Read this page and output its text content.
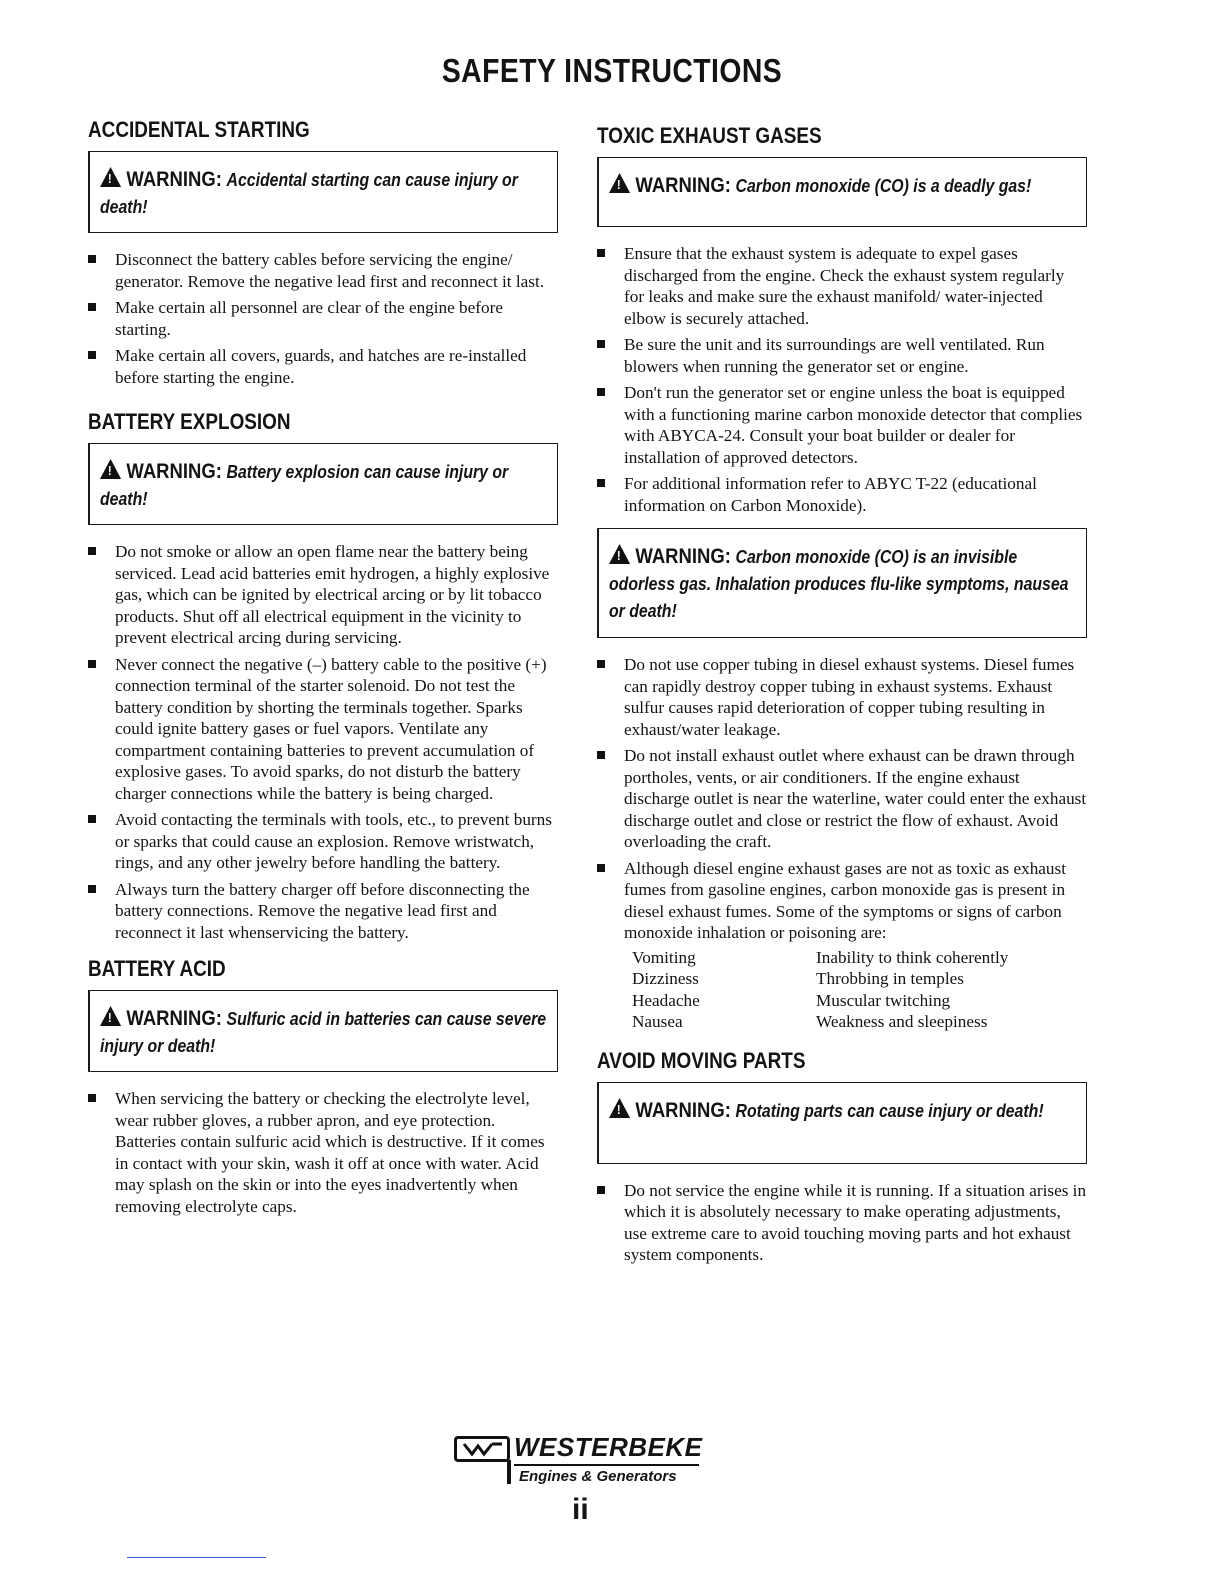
SAFETY INSTRUCTIONS
ACCIDENTAL STARTING
!WARNING: Accidental starting can cause injury or death!
Disconnect the battery cables before servicing the engine/ generator. Remove the negative lead first and reconnect it last.
Make certain all personnel are clear of the engine before starting.
Make certain all covers, guards, and hatches are re-installed before starting the engine.
BATTERY EXPLOSION
!WARNING: Battery explosion can cause injury or death!
Do not smoke or allow an open flame near the battery being serviced. Lead acid batteries emit hydrogen, a highly explosive gas, which can be ignited by electrical arcing or by lit tobacco products. Shut off all electrical equipment in the vicinity to prevent electrical arcing during servicing.
Never connect the negative (–) battery cable to the positive (+) connection terminal of the starter solenoid. Do not test the battery condition by shorting the terminals together. Sparks could ignite battery gases or fuel vapors. Ventilate any compartment containing batteries to prevent accumulation of explosive gases. To avoid sparks, do not disturb the battery charger connections while the battery is being charged.
Avoid contacting the terminals with tools, etc., to prevent burns or sparks that could cause an explosion. Remove wristwatch, rings, and any other jewelry before handling the battery.
Always turn the battery charger off before disconnecting the battery connections. Remove the negative lead first and reconnect it last whenservicing the battery.
BATTERY ACID
!WARNING: Sulfuric acid in batteries can cause severe injury or death!
When servicing the battery or checking the electrolyte level, wear rubber gloves, a rubber apron, and eye protection. Batteries contain sulfuric acid which is destructive. If it comes in contact with your skin, wash it off at once with water. Acid may splash on the skin or into the eyes inadvertently when removing electrolyte caps.
TOXIC EXHAUST GASES
!WARNING: Carbon monoxide (CO) is a deadly gas!
Ensure that the exhaust system is adequate to expel gases discharged from the engine. Check the exhaust system regularly for leaks and make sure the exhaust manifold/ water-injected elbow is securely attached.
Be sure the unit and its surroundings are well ventilated. Run blowers when running the generator set or engine.
Don't run the generator set or engine unless the boat is equipped with a functioning marine carbon monoxide detector that complies with ABYCA-24. Consult your boat builder or dealer for installation of approved detectors.
For additional information refer to ABYC T-22 (educational information on Carbon Monoxide).
!WARNING: Carbon monoxide (CO) is an invisible odorless gas. Inhalation produces flu-like symptoms, nausea or death!
Do not use copper tubing in diesel exhaust systems. Diesel fumes can rapidly destroy copper tubing in exhaust systems. Exhaust sulfur causes rapid deterioration of copper tubing resulting in exhaust/water leakage.
Do not install exhaust outlet where exhaust can be drawn through portholes, vents, or air conditioners. If the engine exhaust discharge outlet is near the waterline, water could enter the exhaust discharge outlet and close or restrict the flow of exhaust. Avoid overloading the craft.
Although diesel engine exhaust gases are not as toxic as exhaust fumes from gasoline engines, carbon monoxide gas is present in diesel exhaust fumes. Some of the symptoms or signs of carbon monoxide inhalation or poisoning are:
Vomiting	Inability to think coherently
Dizziness	Throbbing in temples
Headache	Muscular twitching
Nausea	Weakness and sleepiness
AVOID MOVING PARTS
!WARNING: Rotating parts can cause injury or death!
Do not service the engine while it is running. If a situation arises in which it is absolutely necessary to make operating adjustments, use extreme care to avoid touching moving parts and hot exhaust system components.
WESTERBEKE
Engines & Generators
ii
